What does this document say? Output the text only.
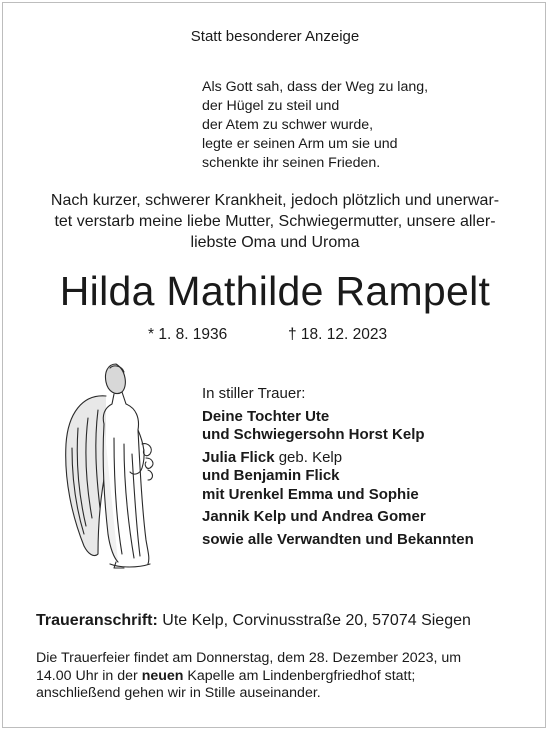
Statt besonderer Anzeige
Als Gott sah, dass der Weg zu lang,
der Hügel zu steil und
der Atem zu schwer wurde,
legte er seinen Arm um sie und
schenkte ihr seinen Frieden.
Nach kurzer, schwerer Krankheit, jedoch plötzlich und unerwar-
tet verstarb meine liebe Mutter, Schwiegermutter, unsere aller-
liebste Oma und Uroma
Hilda Mathilde Rampelt
* 1. 8. 1936	† 18. 12. 2023
In stiller Trauer:
Deine Tochter Ute
und Schwiegersohn Horst Kelp
Julia Flick geb. Kelp
und Benjamin Flick
mit Urenkel Emma und Sophie
Jannik Kelp und Andrea Gomer
sowie alle Verwandten und Bekannten
Traueranschrift: Ute Kelp, Corvinusstraße 20, 57074 Siegen
Die Trauerfeier findet am Donnerstag, dem 28. Dezember 2023, um
14.00 Uhr in der neuen Kapelle am Lindenbergfriedhof statt;
anschließend gehen wir in Stille auseinander.
